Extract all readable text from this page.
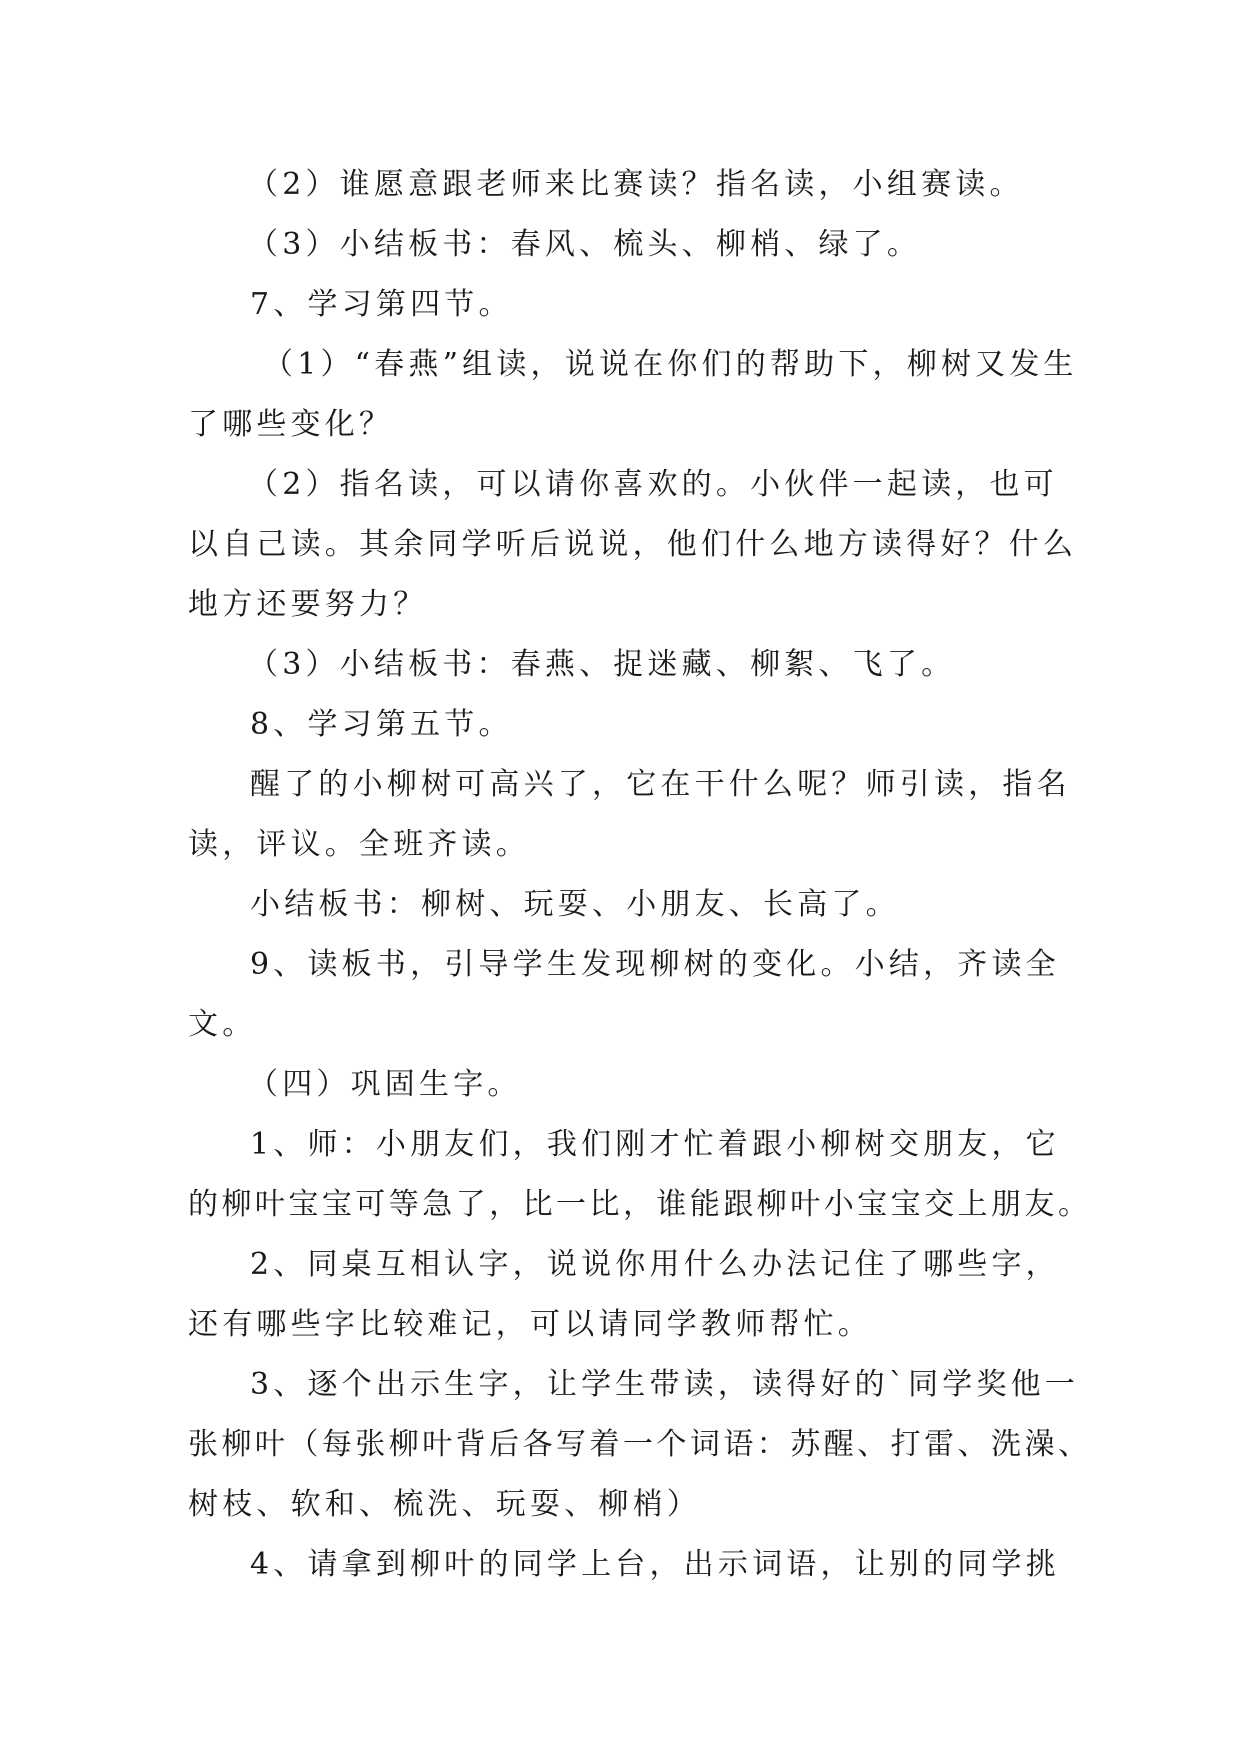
（2）谁愿意跟老师来比赛读？指名读，小组赛读。
（3）小结板书：春风、梳头、柳梢、绿了。
7、学习第四节。
（1）“春燕”组读，说说在你们的帮助下，柳树又发生
了哪些变化？
（2）指名读，可以请你喜欢的。小伙伴一起读，也可
以自己读。其余同学听后说说，他们什么地方读得好？什么
地方还要努力？
（3）小结板书：春燕、捉迷藏、柳絮、飞了。
8、学习第五节。
醒了的小柳树可高兴了，它在干什么呢？师引读，指名
读，评议。全班齐读。
小结板书：柳树、玩耍、小朋友、长高了。
9、读板书，引导学生发现柳树的变化。小结，齐读全
文。
（四）巩固生字。
1、师：小朋友们，我们刚才忙着跟小柳树交朋友，它
的柳叶宝宝可等急了，比一比，谁能跟柳叶小宝宝交上朋友。
2、同桌互相认字，说说你用什么办法记住了哪些字，
还有哪些字比较难记，可以请同学教师帮忙。
3、逐个出示生字，让学生带读，读得好的`同学奖他一
张柳叶（每张柳叶背后各写着一个词语：苏醒、打雷、洗澡、
树枝、软和、梳洗、玩耍、柳梢）
4、请拿到柳叶的同学上台，出示词语，让别的同学挑
